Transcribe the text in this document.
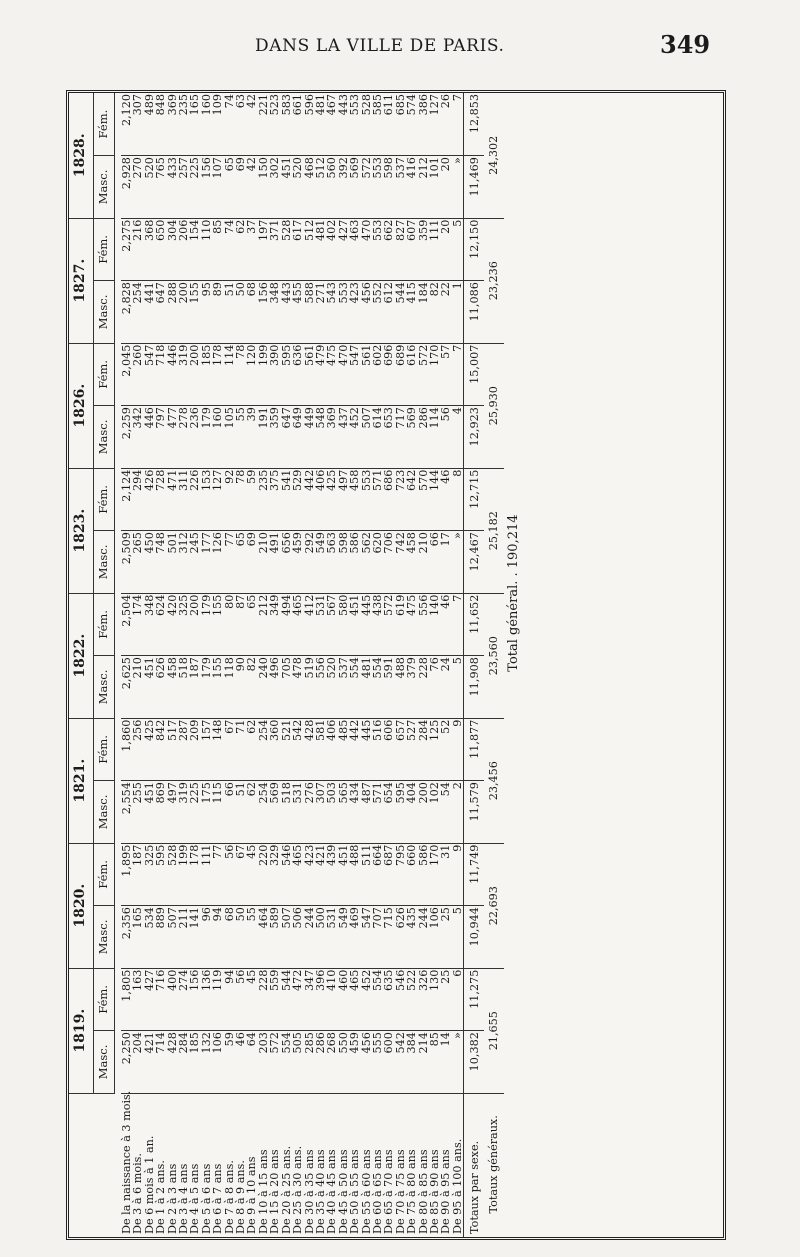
DANS LA VILLE DE PARIS.	349
	1819.		1820.		1821.		1822.		1823.		1826.		1827.		1828.	
	Masc.	Fém.	Masc.	Fém.	Masc.	Fém.	Masc.	Fém.	Masc.	Fém.	Masc.	Fém.	Masc.	Fém.	Masc.	Fém.

De la naissance à 3 mois.	2,250	1,805	2,356	1,895	2,554	1,860	2,625	2,504	2,509	2,124	2,259	2,045	2,828	2,275	2,928	2,120
De 3 à 6 mois.	204	163	165	187	255	256	210	174	265	294	342	260	254	216	270	307
De 6 mois à 1 an.	421	427	534	325	451	425	451	348	450	426	446	547	441	368	520	489
De 1 à 2 ans.	714	716	889	595	869	842	626	624	748	728	797	718	647	650	765	848
De 2 à 3 ans	428	400	507	528	497	517	458	420	501	471	477	446	288	304	433	369
De 3 à 4 ans	284	274	211	199	319	287	518	325	312	311	278	319	200	206	257	235
De 4 à 5 ans	185	156	141	178	225	209	187	200	245	226	236	200	155	154	225	165
De 5 à 6 ans	132	136	96	111	175	157	179	179	177	153	179	185	95	110	156	160
De 6 à 7 ans	106	119	94	77	115	148	155	155	126	127	160	178	89	85	107	109
De 7 à 8 ans.	59	94	68	56	66	67	118	80	77	92	105	114	51	74	65	74
De 8 à 9 ans.	46	56	50	67	51	71	90	87	65	78	55	78	50	62	69	63
De 9 à 10 ans	64	45	55	45	62	62	82	65	69	59	39	120	68	37	42	42
De 10 à 15 ans	203	228	464	220	254	254	240	212	210	235	191	199	156	197	150	221
De 15 à 20 ans	572	559	589	329	569	360	496	349	491	375	359	390	348	371	302	523
De 20 à 25 ans.	554	544	507	546	518	521	705	494	656	541	647	595	443	528	451	583
De 25 à 30 ans.	505	472	506	465	531	542	478	465	459	529	649	636	455	617	520	661
De 30 à 35 ans	285	347	244	423	276	428	519	412	292	442	449	561	588	512	468	596
De 35 à 40 ans	286	396	500	421	307	581	556	531	549	406	548	479	271	481	512	481
De 40 à 45 ans	268	410	531	439	503	406	520	567	563	425	369	475	543	402	560	467
De 45 à 50 ans	550	460	549	451	565	485	537	580	598	497	437	470	553	427	392	443
De 50 à 55 ans	459	465	469	488	434	442	554	451	586	458	452	547	423	463	569	553
De 55 à 60 ans	456	452	547	511	487	445	481	445	562	553	507	561	456	470	572	528
De 60 à 65 ans	555	554	707	664	571	516	554	438	620	571	614	602	552	553	553	585
De 65 à 70 ans	600	635	715	687	654	606	591	572	706	686	653	696	612	662	598	611
De 70 à 75 ans	542	546	626	795	595	657	488	619	742	723	717	689	544	827	537	685
De 75 à 80 ans	384	522	435	660	404	527	379	475	458	642	569	616	415	607	416	574
De 80 à 85 ans	214	326	244	586	200	284	228	556	210	570	286	572	184	359	212	386
De 85 à 90 ans	85	130	106	170	102	125	76	140	66	144	114	170	82	111	101	127
De 90 à 95 ans	14	25	25	31	54	52	24	46	17	46	56	57	22	20	20	26
De 95 à 100 ans.	»	6	5	9	2	9	5	7	»	8	4	7	1	5	»	7
Totaux par sexe.	10,382	11,275	10,944	11,749	11,579	11,877	11,908	11,652	12,467	12,715	12,923	15,007	11,086	12,150	11,469	12,853
Totaux généraux.	21,655		22,693		23,456		23,560		25,182		25,930		23,236		24,302	
	Total général. . 190,214															
